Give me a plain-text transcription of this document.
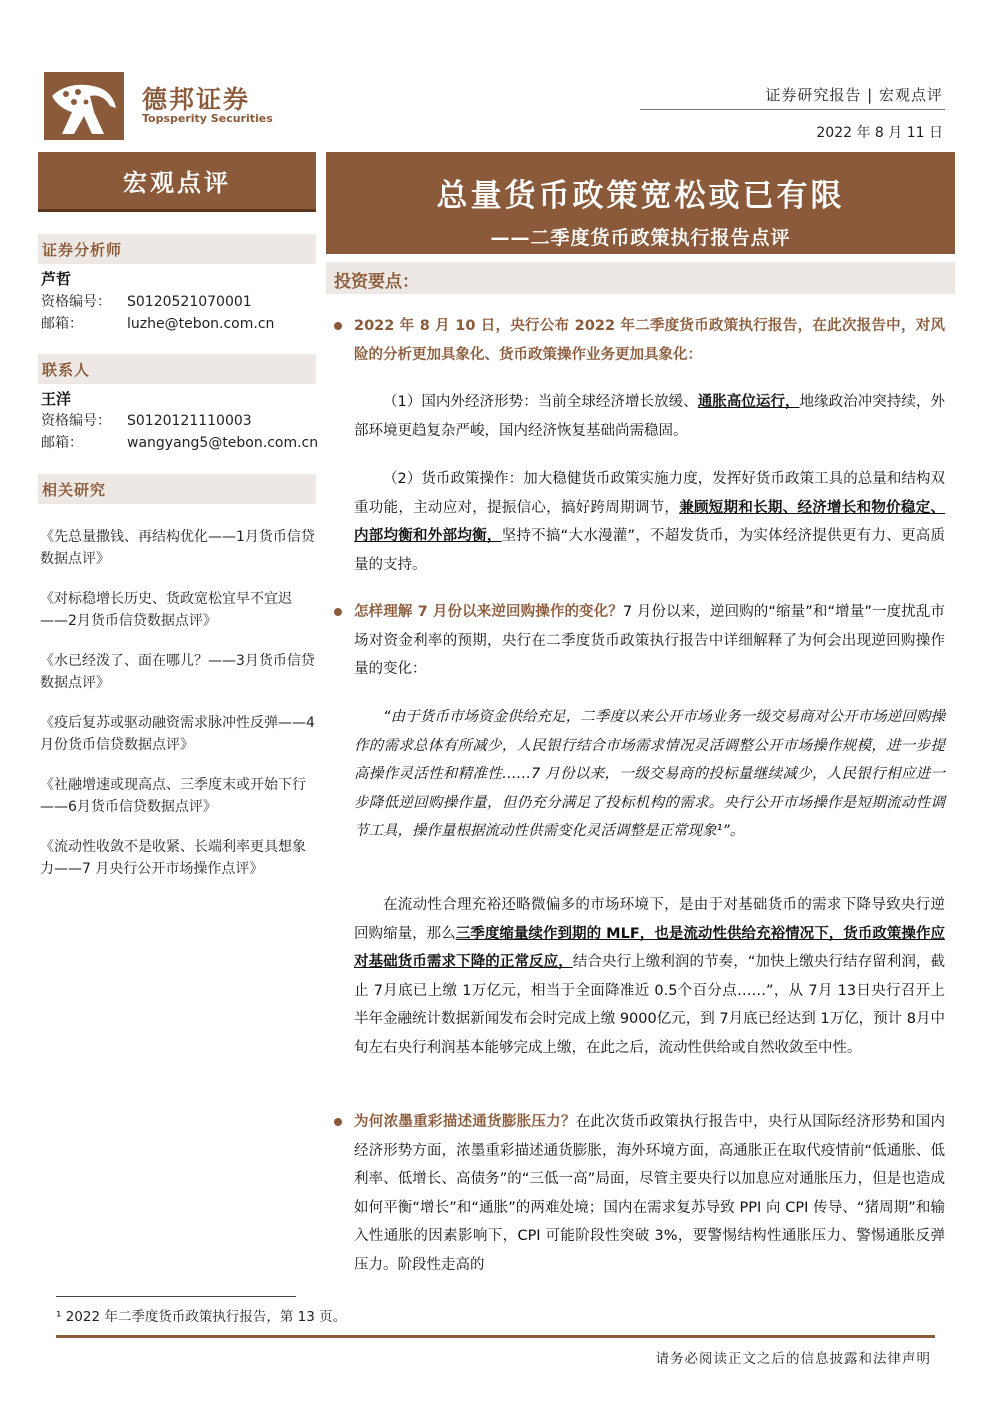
德邦证券
Topsperity Securities
证券研究报告 | 宏观点评
2022 年 8 月 11 日
宏观点评
证券分析师
芦哲
资格编号： S0120521070001
邮箱：	luzhe@tebon.com.cn
联系人
王洋
资格编号： S0120121110003
邮箱：	wangyang5@tebon.com.cn
相关研究
《先总量撒钱、再结构优化——1月货币信贷数据点评》
《对标稳增长历史、货政宽松宜早不宜迟——2月货币信贷数据点评》
《水已经泼了、面在哪儿？——3月货币信贷数据点评》
《疫后复苏或驱动融资需求脉冲性反弹——4月份货币信贷数据点评》
《社融增速或现高点、三季度末或开始下行——6月货币信贷数据点评》
《流动性收敛不是收紧、长端利率更具想象力——7 月央行公开市场操作点评》
总量货币政策宽松或已有限
——二季度货币政策执行报告点评
投资要点：
2022 年 8 月 10 日，央行公布 2022 年二季度货币政策执行报告，在此次报告中，对风险的分析更加具象化、货币政策操作业务更加具象化：
（1）国内外经济形势：当前全球经济增长放缓、通胀高位运行，地缘政治冲突持续，外部环境更趋复杂严峻，国内经济恢复基础尚需稳固。
（2）货币政策操作：加大稳健货币政策实施力度，发挥好货币政策工具的总量和结构双重功能，主动应对，提振信心，搞好跨周期调节，兼顾短期和长期、经济增长和物价稳定、内部均衡和外部均衡，坚持不搞“大水漫灌”，不超发货币，为实体经济提供更有力、更高质量的支持。
怎样理解 7 月份以来逆回购操作的变化？7 月份以来，逆回购的“缩量”和“增量”一度扰乱市场对资金利率的预期，央行在二季度货币政策执行报告中详细解释了为何会出现逆回购操作量的变化：
“由于货币市场资金供给充足，二季度以来公开市场业务一级交易商对公开市场逆回购操作的需求总体有所减少，人民银行结合市场需求情况灵活调整公开市场操作规模，进一步提高操作灵活性和精准性……7 月份以来，一级交易商的投标量继续减少，人民银行相应进一步降低逆回购操作量，但仍充分满足了投标机构的需求。央行公开市场操作是短期流动性调节工具，操作量根据流动性供需变化灵活调整是正常现象¹”。
在流动性合理充裕还略微偏多的市场环境下，是由于对基础货币的需求下降导致央行逆回购缩量，那么三季度缩量续作到期的 MLF，也是流动性供给充裕情况下，货币政策操作应对基础货币需求下降的正常反应，结合央行上缴利润的节奏，“加快上缴央行结存留利润，截止 7月底已上缴 1万亿元，相当于全面降准近 0.5个百分点……”，从 7月 13日央行召开上半年金融统计数据新闻发布会时完成上缴 9000亿元，到 7月底已经达到 1万亿，预计 8月中旬左右央行利润基本能够完成上缴，在此之后，流动性供给或自然收敛至中性。
为何浓墨重彩描述通货膨胀压力？在此次货币政策执行报告中，央行从国际经济形势和国内经济形势方面，浓墨重彩描述通货膨胀，海外环境方面，高通胀正在取代疫情前“低通胀、低利率、低增长、高债务”的“三低一高”局面，尽管主要央行以加息应对通胀压力，但是也造成如何平衡“增长”和“通胀”的两难处境；国内在需求复苏导致 PPI 向 CPI 传导、“猪周期”和输入性通胀的因素影响下，CPI 可能阶段性突破 3%，要警惕结构性通胀压力、警惕通胀反弹压力。阶段性走高的
¹ 2022 年二季度货币政策执行报告，第 13 页。
请务必阅读正文之后的信息披露和法律声明
